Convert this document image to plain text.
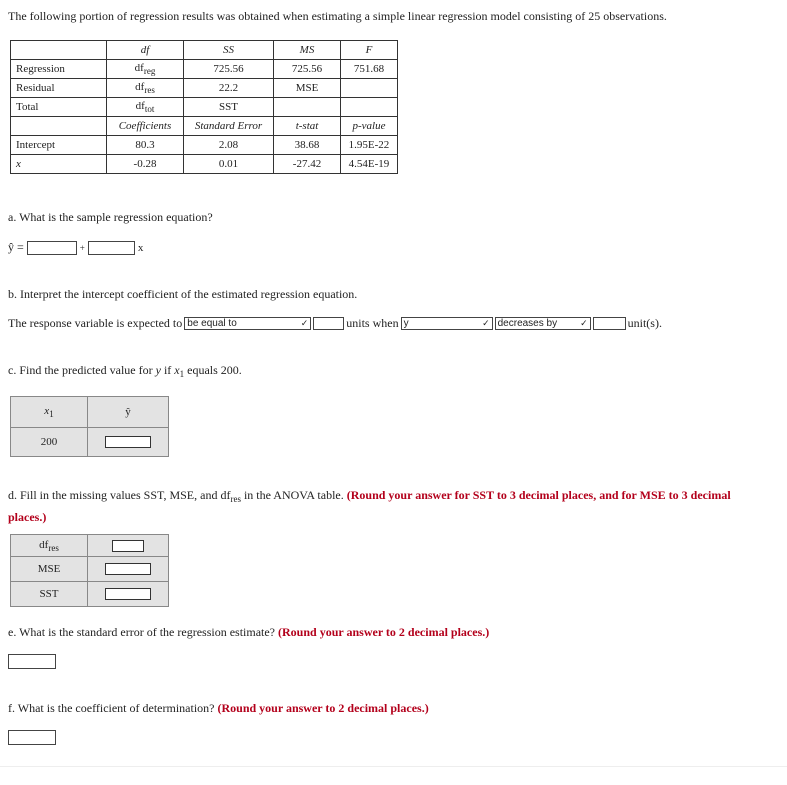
The following portion of regression results was obtained when estimating a simple linear regression model consisting of 25 observations.
	df	SS	MS	F
Regression	$df_{reg}$	725.56	725.56	751.68
Residual	$df_{res}$	22.2	MSE	
Total	$df_{tot}$	SST		
	Coefficients	Standard Error	t-stat	p-value
Intercept	80.3	2.08	38.68	1.95E-22
x	-0.28	0.01	-27.42	4.54E-19
a. What is the sample regression equation?
ŷ =	+	x
b. Interpret the intercept coefficient of the estimated regression equation.
The response variable is expected to be equal to	✓	units when y	✓ decreases by	✓	unit(s).
c. Find the predicted value for y if $x_1$ equals 200.
$x_1$	ŷ
200	
d. Fill in the missing values SST, MSE, and $df_{res}$ in the ANOVA table. (Round your answer for SST to 3 decimal places, and for MSE to 3 decimal places.)
$df_{res}$	
MSE	
SST	
e. What is the standard error of the regression estimate? (Round your answer to 2 decimal places.)
f. What is the coefficient of determination? (Round your answer to 2 decimal places.)
